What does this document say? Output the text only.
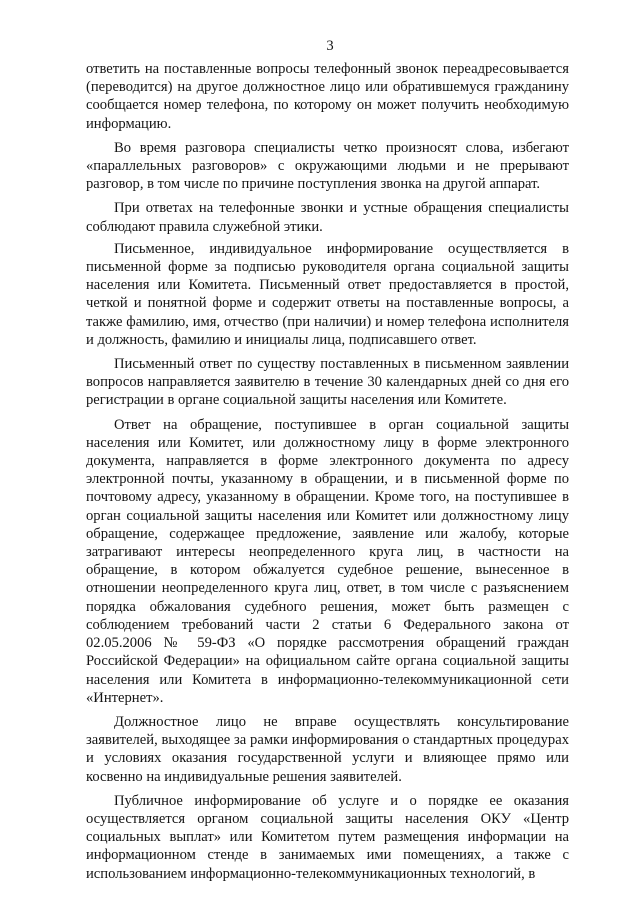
3

ответить на поставленные вопросы телефонный звонок переадресовывается (переводится) на другое должностное лицо или обратившемуся гражданину сообщается номер телефона, по которому он может получить необходимую информацию.

Во время разговора специалисты четко произносят слова, избегают «параллельных разговоров» с окружающими людьми и не прерывают разговор, в том числе по причине поступления звонка на другой аппарат.

При ответах на телефонные звонки и устные обращения специалисты соблюдают правила служебной этики.

Письменное, индивидуальное информирование осуществляется в письменной форме за подписью руководителя органа социальной защиты населения или Комитета. Письменный ответ предоставляется в простой, четкой и понятной форме и содержит ответы на поставленные вопросы, а также фамилию, имя, отчество (при наличии) и номер телефона исполнителя и должность, фамилию и инициалы лица, подписавшего ответ.

Письменный ответ по существу поставленных в письменном заявлении вопросов направляется заявителю в течение 30 календарных дней со дня его регистрации в органе социальной защиты населения или Комитете.

Ответ на обращение, поступившее в орган социальной защиты населения или Комитет, или должностному лицу в форме электронного документа, направляется в форме электронного документа по адресу электронной почты, указанному в обращении, и в письменной форме по почтовому адресу, указанному в обращении. Кроме того, на поступившее в орган социальной защиты населения или Комитет или должностному лицу обращение, содержащее предложение, заявление или жалобу, которые затрагивают интересы неопределенного круга лиц, в частности на обращение, в котором обжалуется судебное решение, вынесенное в отношении неопределенного круга лиц, ответ, в том числе с разъяснением порядка обжалования судебного решения, может быть размещен с соблюдением требований части 2 статьи 6 Федерального закона от 02.05.2006 № 59-ФЗ «О порядке рассмотрения обращений граждан Российской Федерации» на официальном сайте органа социальной защиты населения или Комитета в информационно-телекоммуникационной сети «Интернет».

Должностное лицо не вправе осуществлять консультирование заявителей, выходящее за рамки информирования о стандартных процедурах и условиях оказания государственной услуги и влияющее прямо или косвенно на индивидуальные решения заявителей.

Публичное информирование об услуге и о порядке ее оказания осуществляется органом социальной защиты населения ОКУ «Центр социальных выплат» или Комитетом путем размещения информации на информационном стенде в занимаемых ими помещениях, а также с использованием информационно-телекоммуникационных технологий, в
